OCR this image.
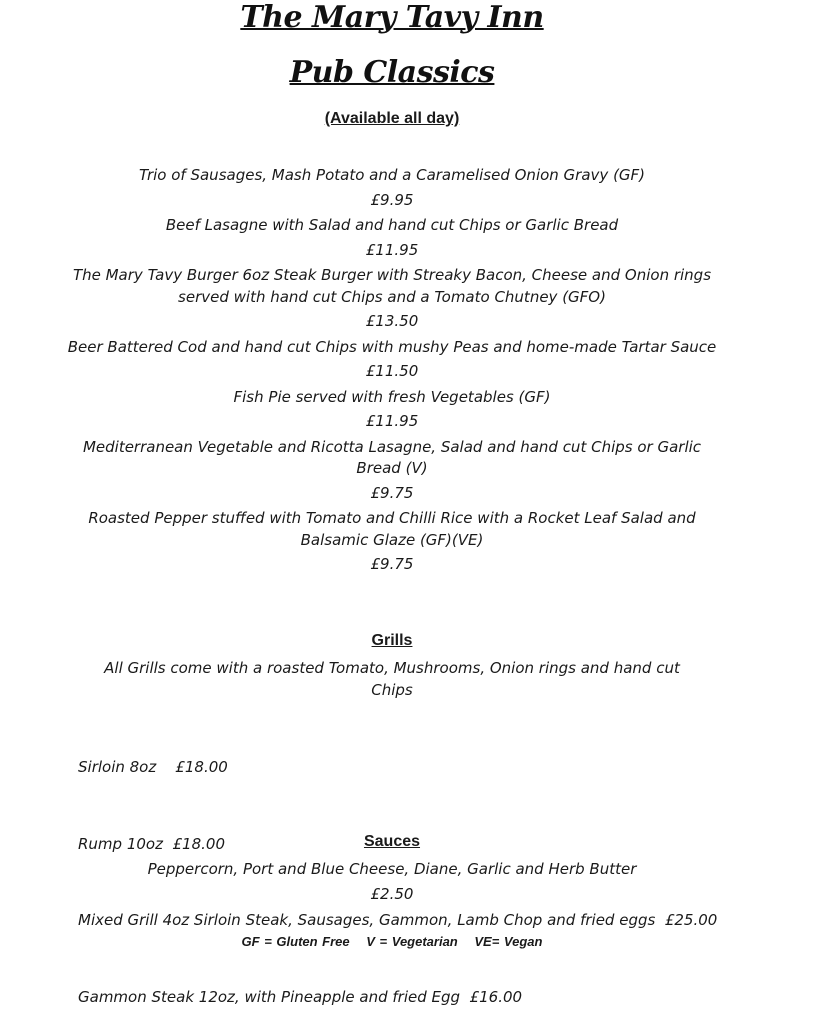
The Mary Tavy Inn
Pub Classics
(Available all day)
Trio of Sausages, Mash Potato and a Caramelised Onion Gravy (GF)
£9.95
Beef Lasagne with Salad and hand cut Chips or Garlic Bread
£11.95
The Mary Tavy Burger 6oz Steak Burger with Streaky Bacon, Cheese and Onion rings served with hand cut Chips and a Tomato Chutney (GFO)
£13.50
Beer Battered Cod and hand cut Chips with mushy Peas and home-made Tartar Sauce
£11.50
Fish Pie served with fresh Vegetables (GF)
£11.95
Mediterranean Vegetable and Ricotta Lasagne, Salad and hand cut Chips or Garlic Bread (V)
£9.75
Roasted Pepper stuffed with Tomato and Chilli Rice with a Rocket Leaf Salad and Balsamic Glaze (GF)(VE)
£9.75
Grills
All Grills come with a roasted Tomato, Mushrooms, Onion rings and hand cut Chips

Sirloin 8oz    £18.00

Rump 10oz  £18.00

Mixed Grill 4oz Sirloin Steak, Sausages, Gammon, Lamb Chop and fried eggs  £25.00

Gammon Steak 12oz, with Pineapple and fried Egg  £16.00

Sauces
Peppercorn, Port and Blue Cheese, Diane, Garlic and Herb Butter
£2.50
GF = Gluten Free V = Vegetarian VE= Vegan
